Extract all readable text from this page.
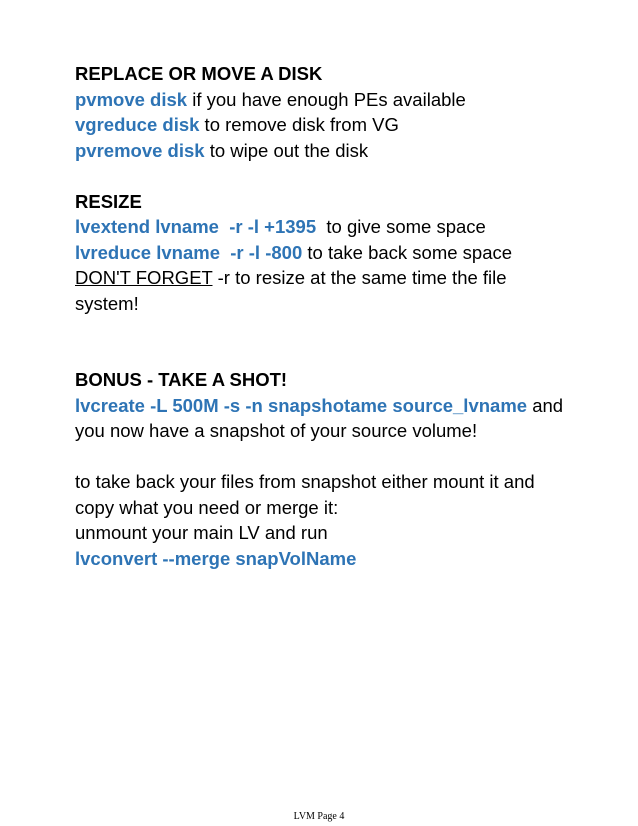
REPLACE OR MOVE A DISK
pvmove disk if you have enough PEs available
vgreduce disk to remove disk from VG
pvremove disk to wipe out the disk
RESIZE
lvextend lvname  -r -l +1395  to give some space
lvreduce lvname  -r -l -800 to take back some space
DON'T FORGET -r to resize at the same time the file system!
BONUS - TAKE A SHOT!
lvcreate -L 500M -s -n snapshotame source_lvname and you now have a snapshot of your source volume!
to take back your files from snapshot either mount it and copy what you need or merge it:
unmount your main LV and run
lvconvert --merge snapVolName
LVM Page 4
